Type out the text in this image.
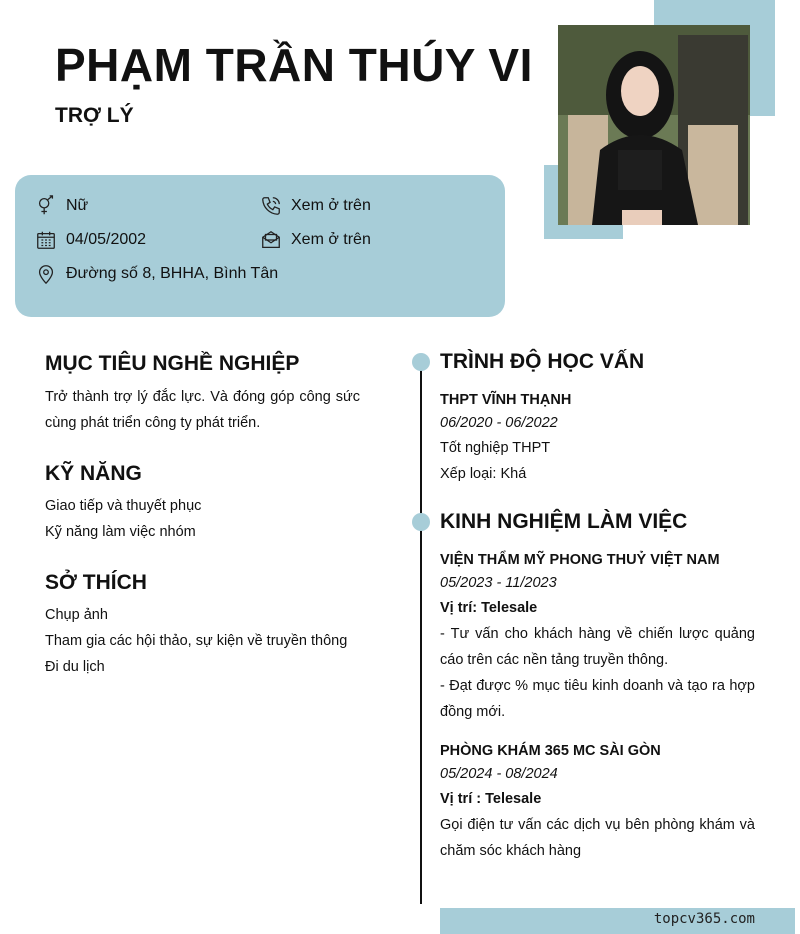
PHẠM TRẦN THÚY VI
TRỢ LÝ
Nữ	Xem ở trên
04/05/2002	Xem ở trên
Đường số 8, BHHA, Bình Tân
MỤC TIÊU NGHỀ NGHIỆP

Trở thành trợ lý đắc lực. Và đóng góp công sức cùng phát triển công ty phát triển.

KỸ NĂNG

Giao tiếp và thuyết phục

Kỹ năng làm việc nhóm

SỞ THÍCH

Chụp ảnh

Tham gia các hội thảo, sự kiện về truyền thông

Đi du lịch

TRÌNH ĐỘ HỌC VẤN

THPT VĨNH THẠNH

06/2020 - 06/2022

Tốt nghiệp THPT

Xếp loại: Khá

KINH NGHIỆM LÀM VIỆC

VIỆN THẨM MỸ PHONG THUỶ VIỆT NAM

05/2023 - 11/2023

Vị trí: Telesale

- Tư vấn cho khách hàng về chiến lược quảng cáo trên các nền tảng truyền thông.

- Đạt được % mục tiêu kinh doanh và tạo ra hợp đồng mới.

PHÒNG KHÁM 365 MC SÀI GÒN

05/2024 - 08/2024

Vị trí : Telesale

Gọi điện tư vấn các dịch vụ bên phòng khám và chăm sóc khách hàng

topcv365.com
